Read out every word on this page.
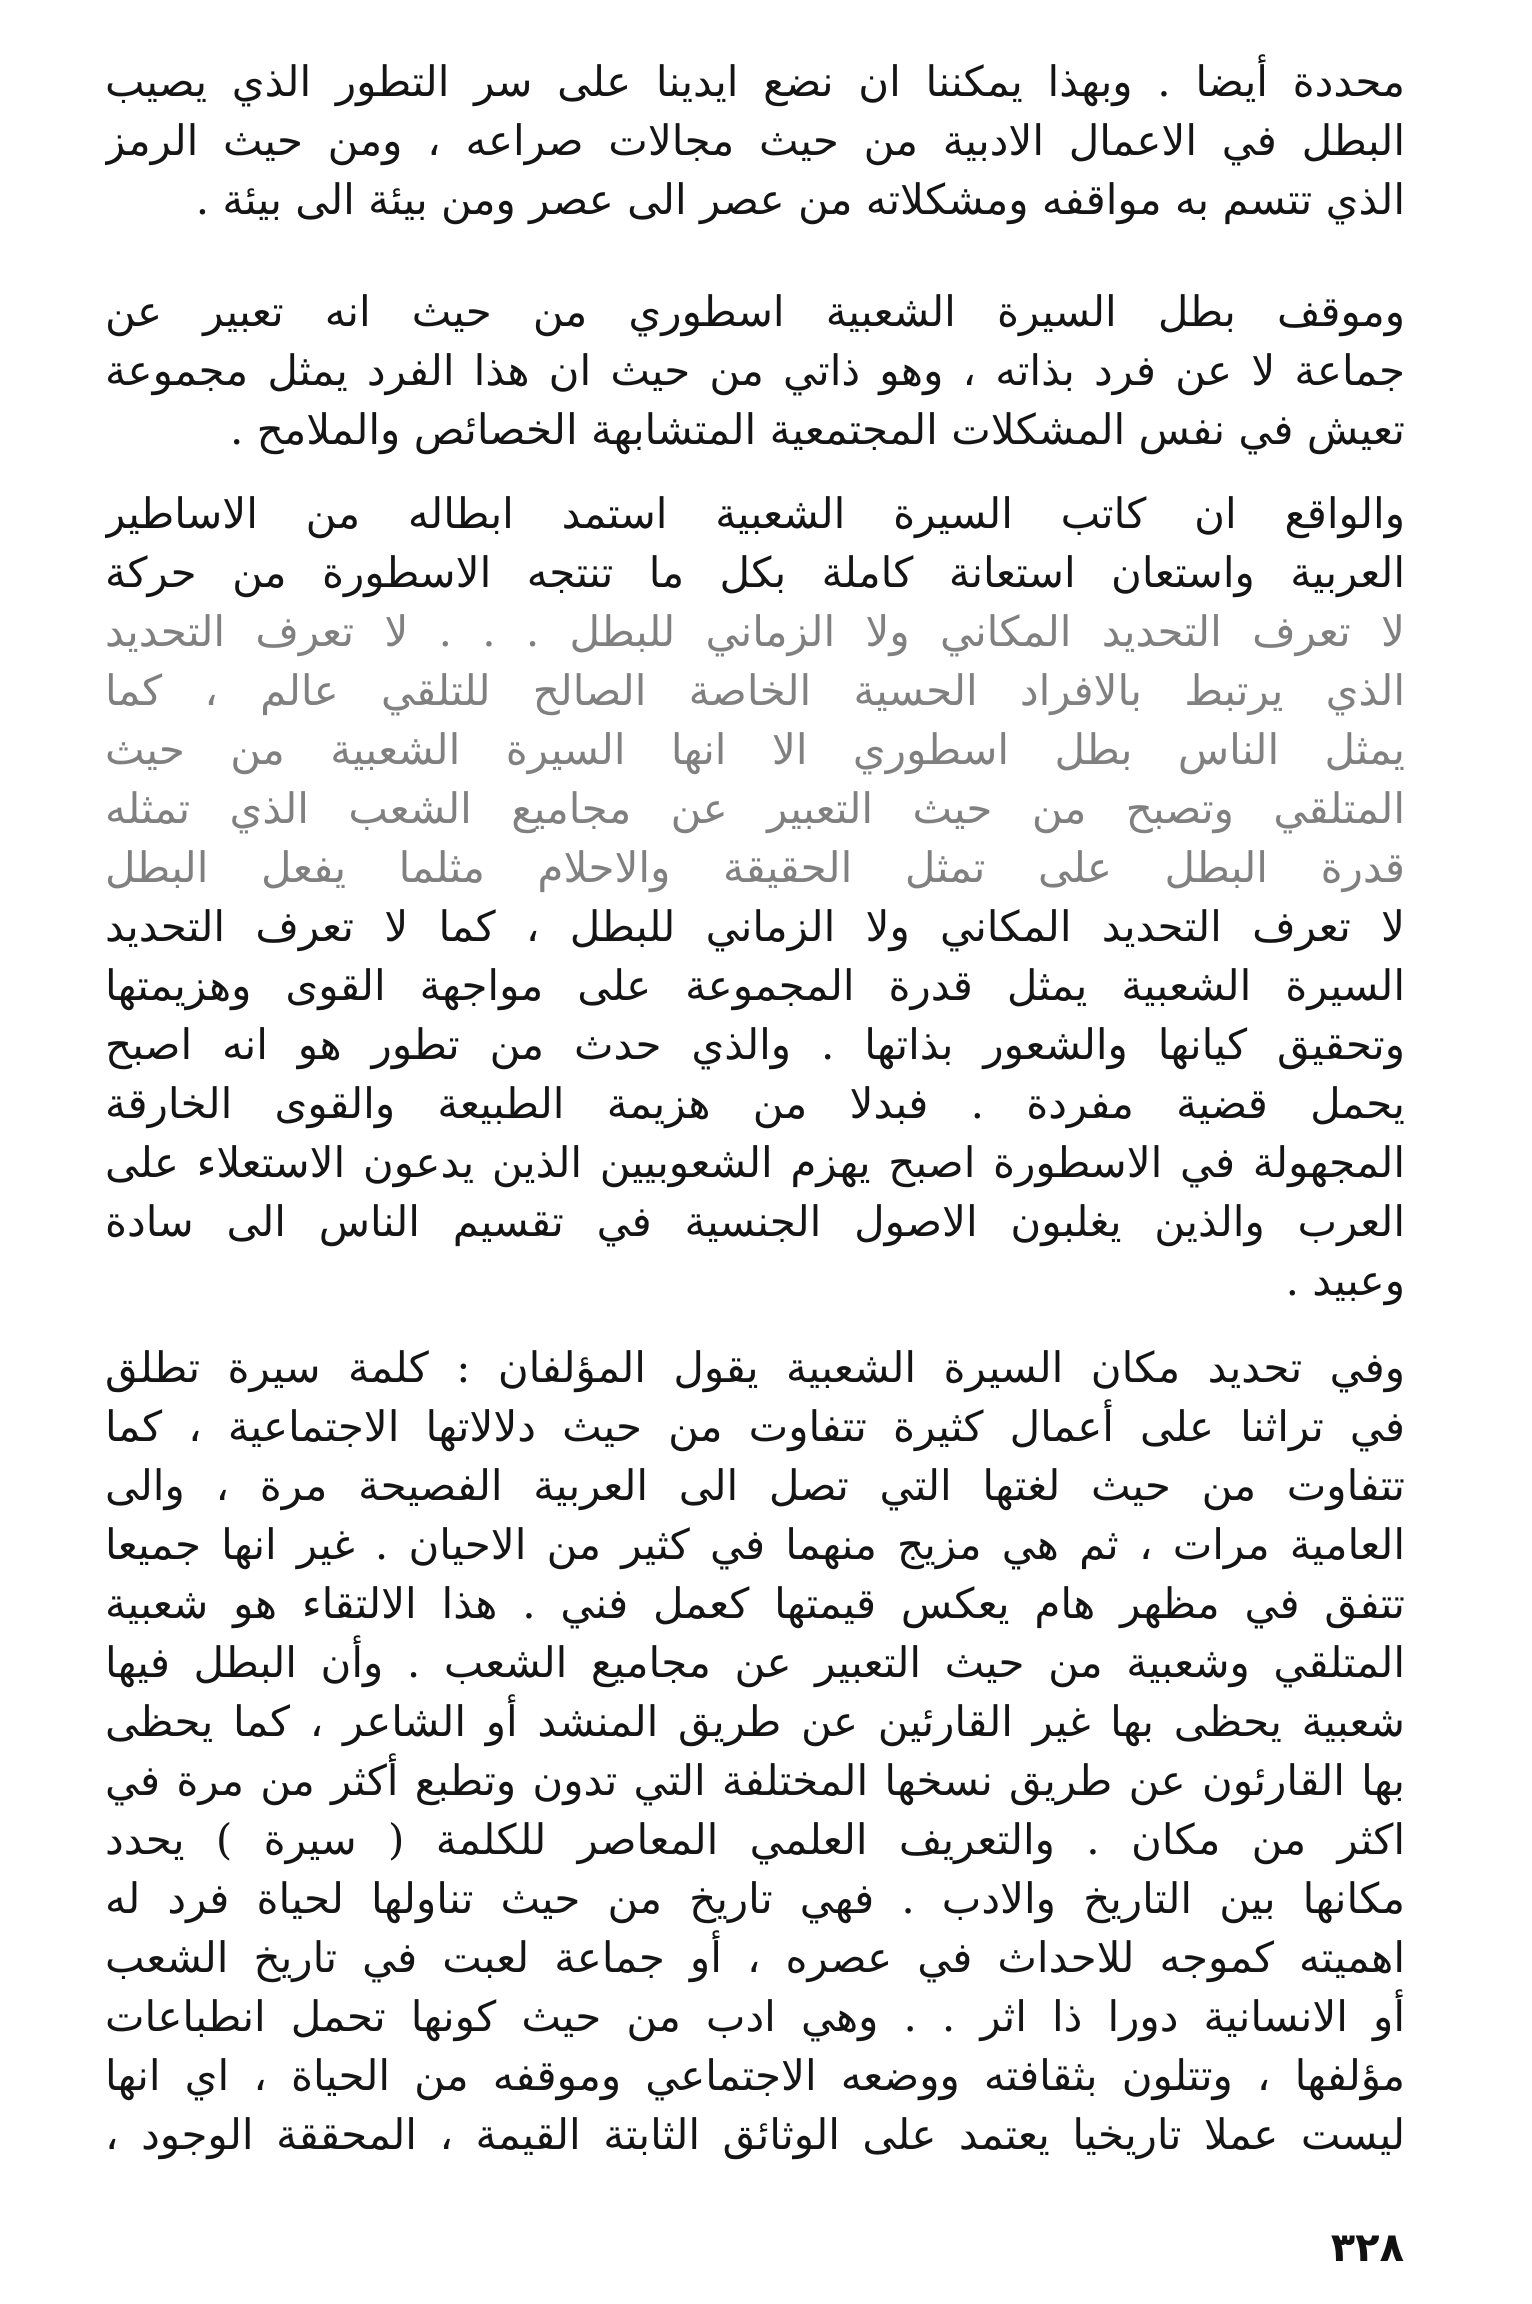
محددة أيضا . وبهذا يمكننا ان نضع ايدينا على سر التطور الذي يصيب
البطل في الاعمال الادبية من حيث مجالات صراعه ، ومن حيث الرمز
الذي تتسم به مواقفه ومشكلاته من عصر الى عصر ومن بيئة الى بيئة .
وموقف بطل السيرة الشعبية اسطوري من حيث انه تعبير عن
جماعة لا عن فرد بذاته ، وهو ذاتي من حيث ان هذا الفرد يمثل مجموعة
تعيش في نفس المشكلات المجتمعية المتشابهة الخصائص والملامح .
والواقع ان كاتب السيرة الشعبية استمد ابطاله من الاساطير
العربية واستعان استعانة كاملة بكل ما تنتجه الاسطورة من حركة
لا تعرف التحديد المكاني ولا الزماني للبطل . . . لا تعرف التحديد
الذي يرتبط بالافراد الحسية الخاصة الصالح للتلقي عالم ، كما
يمثل الناس بطل اسطوري الا انها السيرة الشعبية من حيث
المتلقي وتصبح من حيث التعبير عن مجاميع الشعب الذي تمثله
قدرة البطل على تمثل الحقيقة والاحلام مثلما يفعل البطل
لا تعرف التحديد المكاني ولا الزماني للبطل ، كما لا تعرف التحديد
السيرة الشعبية يمثل قدرة المجموعة على مواجهة القوى وهزيمتها
وتحقيق كيانها والشعور بذاتها . والذي حدث من تطور هو انه اصبح
يحمل قضية مفردة . فبدلا من هزيمة الطبيعة والقوى الخارقة
المجهولة في الاسطورة اصبح يهزم الشعوبيين الذين يدعون الاستعلاء على
العرب والذين يغلبون الاصول الجنسية في تقسيم الناس الى سادة
وعبيد .
وفي تحديد مكان السيرة الشعبية يقول المؤلفان : كلمة سيرة تطلق
في تراثنا على أعمال كثيرة تتفاوت من حيث دلالاتها الاجتماعية ، كما
تتفاوت من حيث لغتها التي تصل الى العربية الفصيحة مرة ، والى
العامية مرات ، ثم هي مزيج منهما في كثير من الاحيان . غير انها جميعا
تتفق في مظهر هام يعكس قيمتها كعمل فني . هذا الالتقاء هو شعبية
المتلقي وشعبية من حيث التعبير عن مجاميع الشعب . وأن البطل فيها
شعبية يحظى بها غير القارئين عن طريق المنشد أو الشاعر ، كما يحظى
بها القارئون عن طريق نسخها المختلفة التي تدون وتطبع أكثر من مرة في
اكثر من مكان . والتعريف العلمي المعاصر للكلمة ( سيرة ) يحدد
مكانها بين التاريخ والادب . فهي تاريخ من حيث تناولها لحياة فرد له
اهميته كموجه للاحداث في عصره ، أو جماعة لعبت في تاريخ الشعب
أو الانسانية دورا ذا اثر . . وهي ادب من حيث كونها تحمل انطباعات
مؤلفها ، وتتلون بثقافته ووضعه الاجتماعي وموقفه من الحياة ، اي انها
ليست عملا تاريخيا يعتمد على الوثائق الثابتة القيمة ، المحققة الوجود ،
٣٢٨
